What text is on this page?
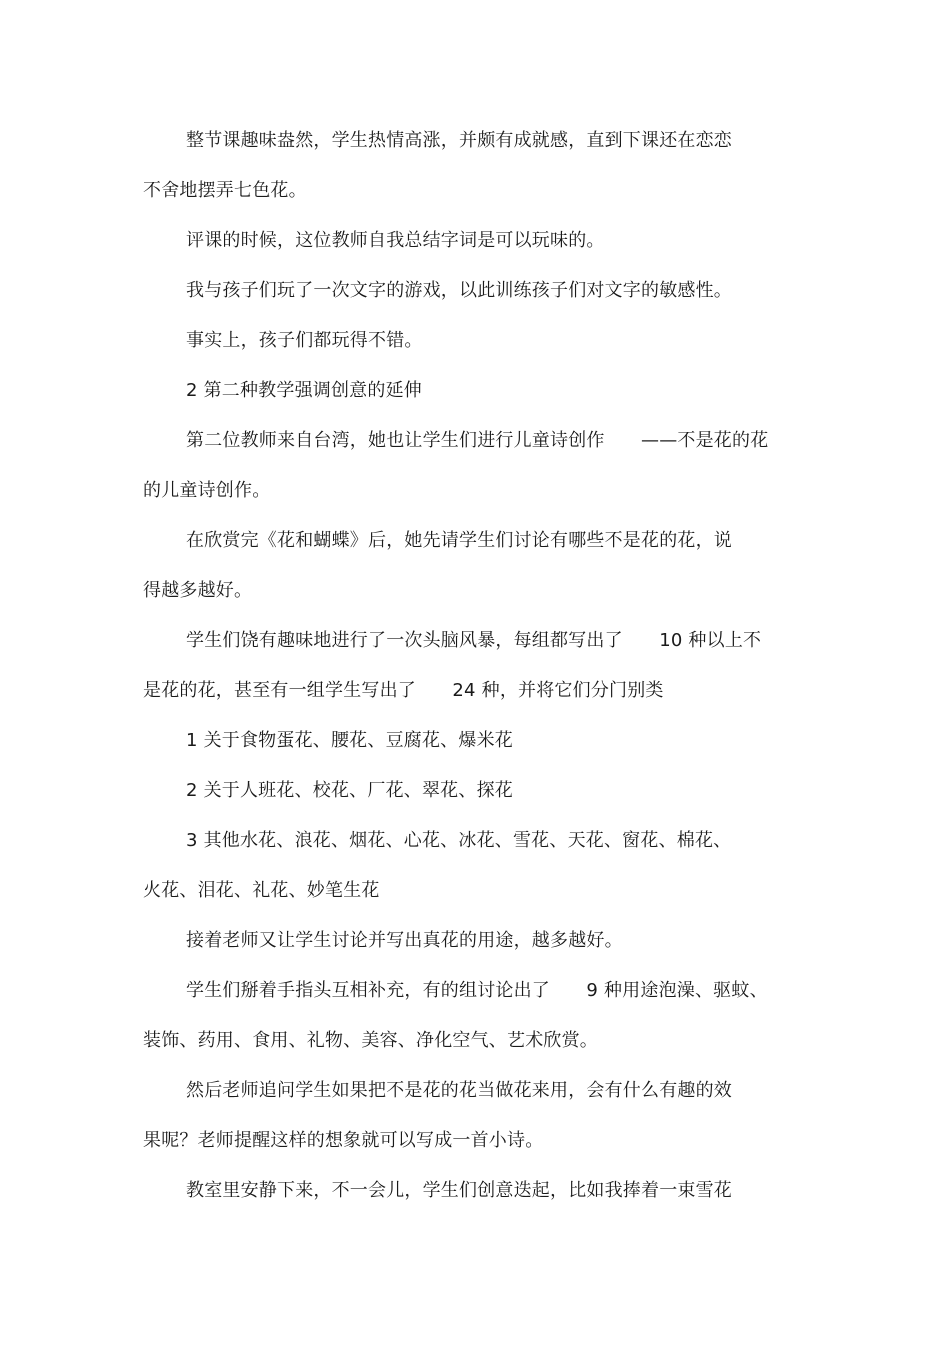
整节课趣味盎然，学生热情高涨，并颇有成就感，直到下课还在恋恋
不舍地摆弄七色花。
评课的时候，这位教师自我总结字词是可以玩味的。
我与孩子们玩了一次文字的游戏，以此训练孩子们对文字的敏感性。
事实上，孩子们都玩得不错。
2 第二种教学强调创意的延伸
第二位教师来自台湾，她也让学生们进行儿童诗创作　　——不是花的花
的儿童诗创作。
在欣赏完《花和蝴蝶》后，她先请学生们讨论有哪些不是花的花，说
得越多越好。
学生们饶有趣味地进行了一次头脑风暴，每组都写出了　　10 种以上不
是花的花，甚至有一组学生写出了　　24 种，并将它们分门别类
1 关于食物蛋花、腰花、豆腐花、爆米花
2 关于人班花、校花、厂花、翠花、探花
3 其他水花、浪花、烟花、心花、冰花、雪花、天花、窗花、棉花、
火花、泪花、礼花、妙笔生花
接着老师又让学生讨论并写出真花的用途，越多越好。
学生们掰着手指头互相补充，有的组讨论出了　　9 种用途泡澡、驱蚊、
装饰、药用、食用、礼物、美容、净化空气、艺术欣赏。
然后老师追问学生如果把不是花的花当做花来用，会有什么有趣的效
果呢？老师提醒这样的想象就可以写成一首小诗。
教室里安静下来，不一会儿，学生们创意迭起，比如我捧着一束雪花
